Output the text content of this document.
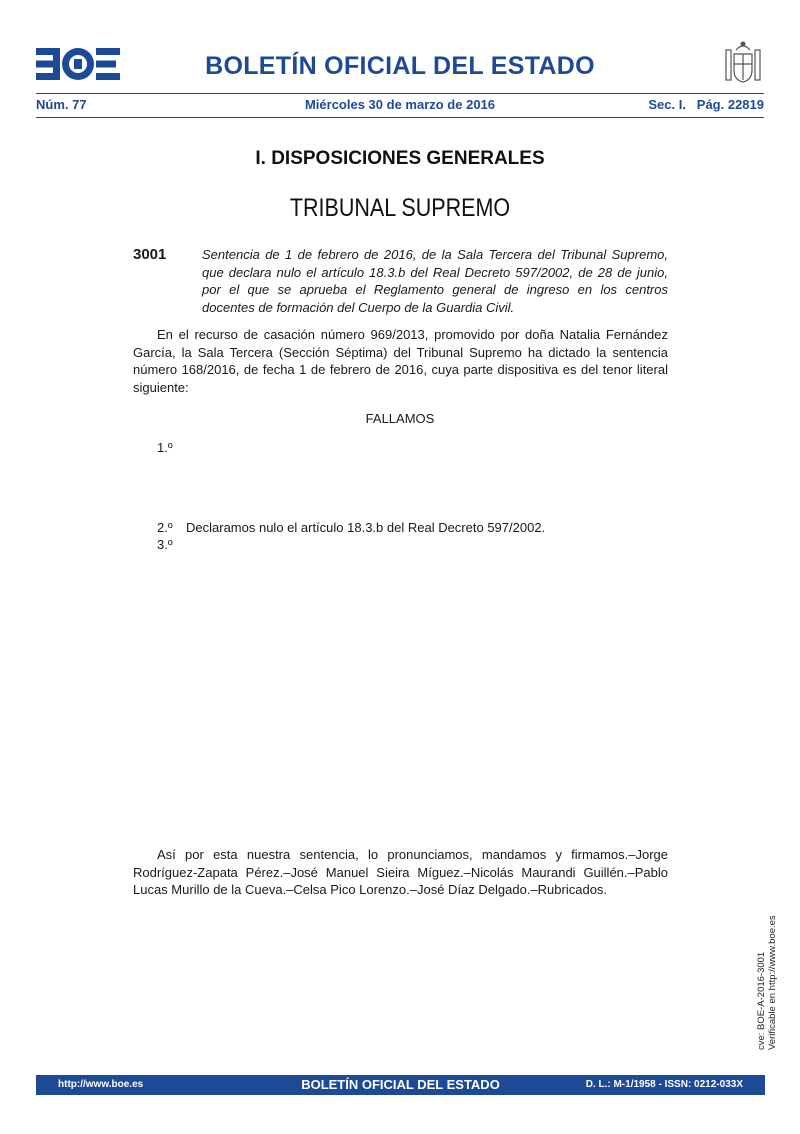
BOLETÍN OFICIAL DEL ESTADO
Núm. 77	Miércoles 30 de marzo de 2016	Sec. I.   Pág. 22819
I. DISPOSICIONES GENERALES
TRIBUNAL SUPREMO
3001	Sentencia de 1 de febrero de 2016, de la Sala Tercera del Tribunal Supremo, que declara nulo el artículo 18.3.b del Real Decreto 597/2002, de 28 de junio, por el que se aprueba el Reglamento general de ingreso en los centros docentes de formación del Cuerpo de la Guardia Civil.
En el recurso de casación número 969/2013, promovido por doña Natalia Fernández García, la Sala Tercera (Sección Séptima) del Tribunal Supremo ha dictado la sentencia número 168/2016, de fecha 1 de febrero de 2016, cuya parte dispositiva es del tenor literal siguiente:
FALLAMOS
1.º
2.º Declaramos nulo el artículo 18.3.b del Real Decreto 597/2002.
3.º
Así por esta nuestra sentencia, lo pronunciamos, mandamos y firmamos.–Jorge Rodríguez-Zapata Pérez.–José Manuel Sieira Míguez.–Nicolás Maurandi Guillén.–Pablo Lucas Murillo de la Cueva.–Celsa Pico Lorenzo.–José Díaz Delgado.–Rubricados.
cve: BOE-A-2016-3001 Verificable en http://www.boe.es
http://www.boe.es	BOLETÍN OFICIAL DEL ESTADO	D. L.: M-1/1958 - ISSN: 0212-033X
